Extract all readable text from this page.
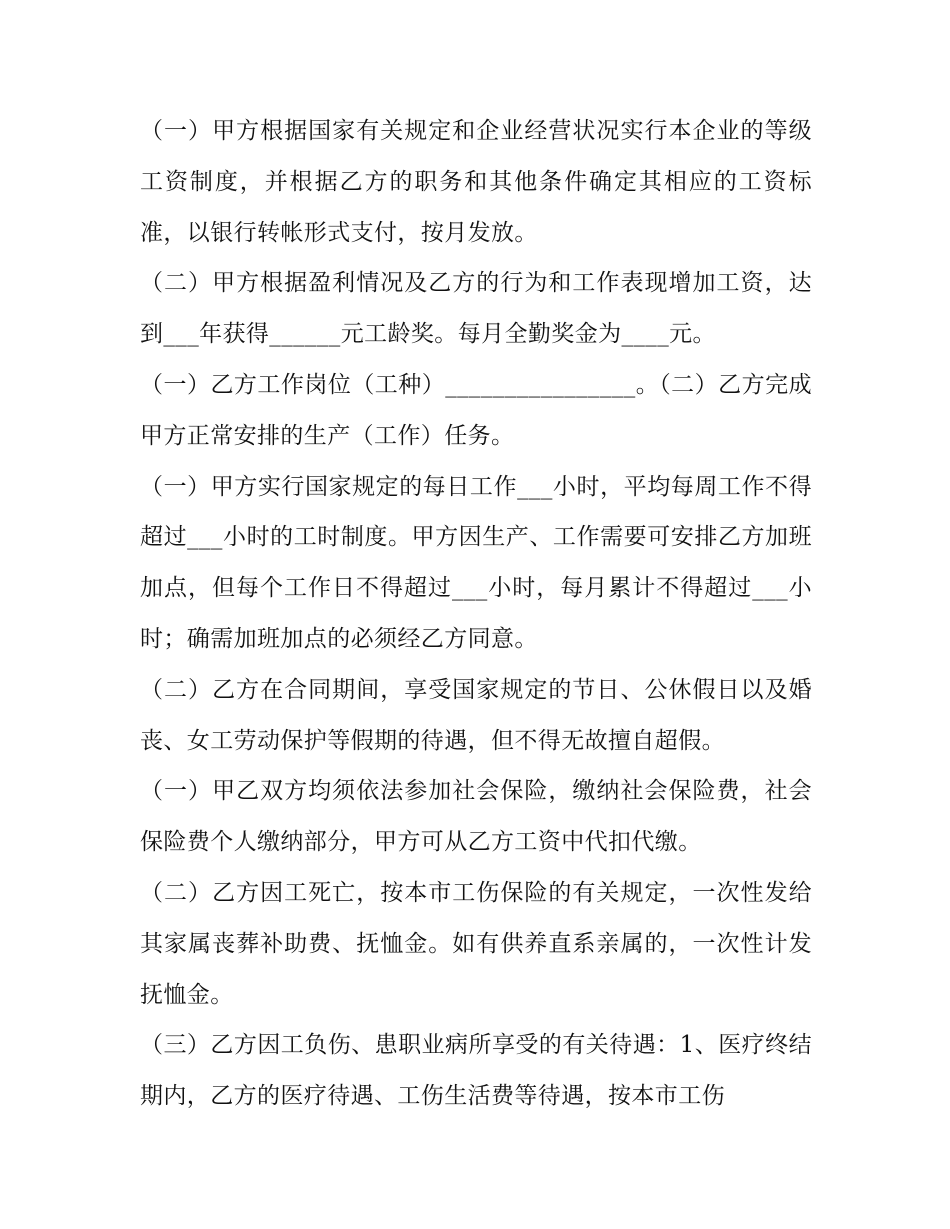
（一）甲方根据国家有关规定和企业经营状况实行本企业的等级工资制度，并根据乙方的职务和其他条件确定其相应的工资标准，以银行转帐形式支付，按月发放。

（二）甲方根据盈利情况及乙方的行为和工作表现增加工资，达到___年获得______元工龄奖。每月全勤奖金为____元。

（一）乙方工作岗位（工种）________________。（二）乙方完成甲方正常安排的生产（工作）任务。

（一）甲方实行国家规定的每日工作___小时，平均每周工作不得超过___小时的工时制度。甲方因生产、工作需要可安排乙方加班加点，但每个工作日不得超过___小时，每月累计不得超过___小时；确需加班加点的必须经乙方同意。

（二）乙方在合同期间，享受国家规定的节日、公休假日以及婚丧、女工劳动保护等假期的待遇，但不得无故擅自超假。

（一）甲乙双方均须依法参加社会保险，缴纳社会保险费，社会保险费个人缴纳部分，甲方可从乙方工资中代扣代缴。

（二）乙方因工死亡，按本市工伤保险的有关规定，一次性发给其家属丧葬补助费、抚恤金。如有供养直系亲属的，一次性计发抚恤金。

（三）乙方因工负伤、患职业病所享受的有关待遇：1、医疗终结期内，乙方的医疗待遇、工伤生活费等待遇，按本市工伤
